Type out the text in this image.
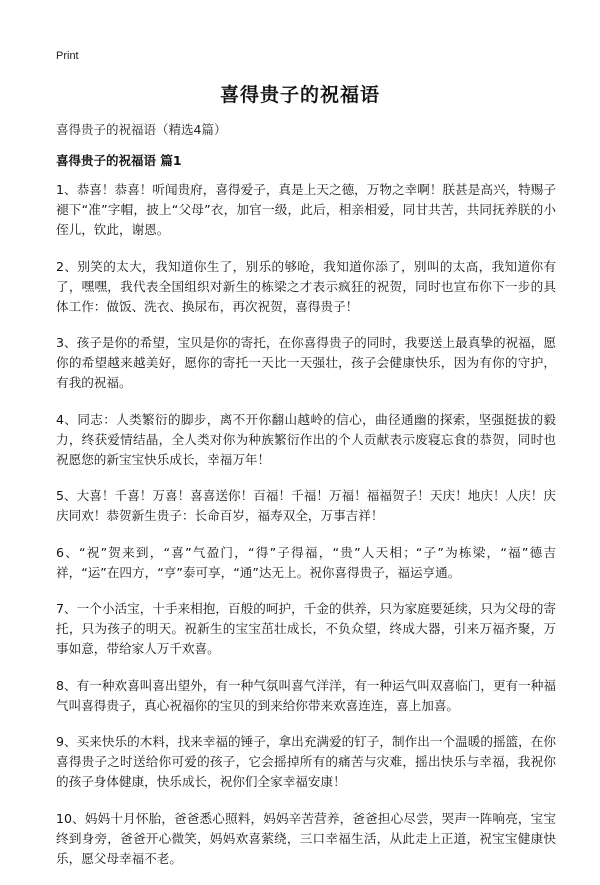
Print
喜得贵子的祝福语
喜得贵子的祝福语（精选4篇）
喜得贵子的祝福语 篇1

1、恭喜！恭喜！听闻贵府，喜得爱子，真是上天之德，万物之幸啊！朕甚是高兴，特赐子褪下“准”字帽，披上“父母”衣，加官一级，此后，相亲相爱，同甘共苦，共同抚养朕的小侄儿，钦此，谢恩。

2、别笑的太大，我知道你生了，别乐的够呛，我知道你添了，别叫的太高，我知道你有了，嘿嘿，我代表全国组织对新生的栋梁之才表示疯狂的祝贺，同时也宣布你下一步的具体工作：做饭、洗衣、换尿布，再次祝贺，喜得贵子！

3、孩子是你的希望，宝贝是你的寄托，在你喜得贵子的同时，我要送上最真挚的祝福，愿你的希望越来越美好，愿你的寄托一天比一天强壮，孩子会健康快乐，因为有你的守护，有我的祝福。

4、同志：人类繁衍的脚步，离不开你翻山越岭的信心，曲径通幽的探索，坚强挺拔的毅力，终获爱情结晶，全人类对你为种族繁衍作出的个人贡献表示废寝忘食的恭贺，同时也祝愿您的新宝宝快乐成长，幸福万年！

5、大喜！千喜！万喜！喜喜送你！百福！千福！万福！福福贺子！天庆！地庆！人庆！庆庆同欢！恭贺新生贵子：长命百岁，福寿双全，万事吉祥！

6、“祝”贺来到，“喜”气盈门，“得”子得福，“贵”人天相；“子”为栋梁，“福”德吉祥，“运”在四方，“亨”泰可享，“通”达无上。祝你喜得贵子，福运亨通。

7、一个小活宝，十手来相抱，百般的呵护，千金的供养，只为家庭要延续，只为父母的寄托，只为孩子的明天。祝新生的宝宝茁壮成长，不负众望，终成大器，引来万福齐聚，万事如意，带给家人万千欢喜。

8、有一种欢喜叫喜出望外，有一种气氛叫喜气洋洋，有一种运气叫双喜临门，更有一种福气叫喜得贵子，真心祝福你的宝贝的到来给你带来欢喜连连，喜上加喜。

9、买来快乐的木料，找来幸福的锤子，拿出充满爱的钉子，制作出一个温暖的摇篮，在你喜得贵子之时送给你可爱的孩子，它会摇掉所有的痛苦与灾难，摇出快乐与幸福，我祝你的孩子身体健康，快乐成长，祝你们全家幸福安康！

10、妈妈十月怀胎，爸爸悉心照料，妈妈辛苦营养，爸爸担心尽尝，哭声一阵响亮，宝宝终到身旁，爸爸开心微笑，妈妈欢喜萦绕，三口幸福生活，从此走上正道，祝宝宝健康快乐，愿父母幸福不老。
